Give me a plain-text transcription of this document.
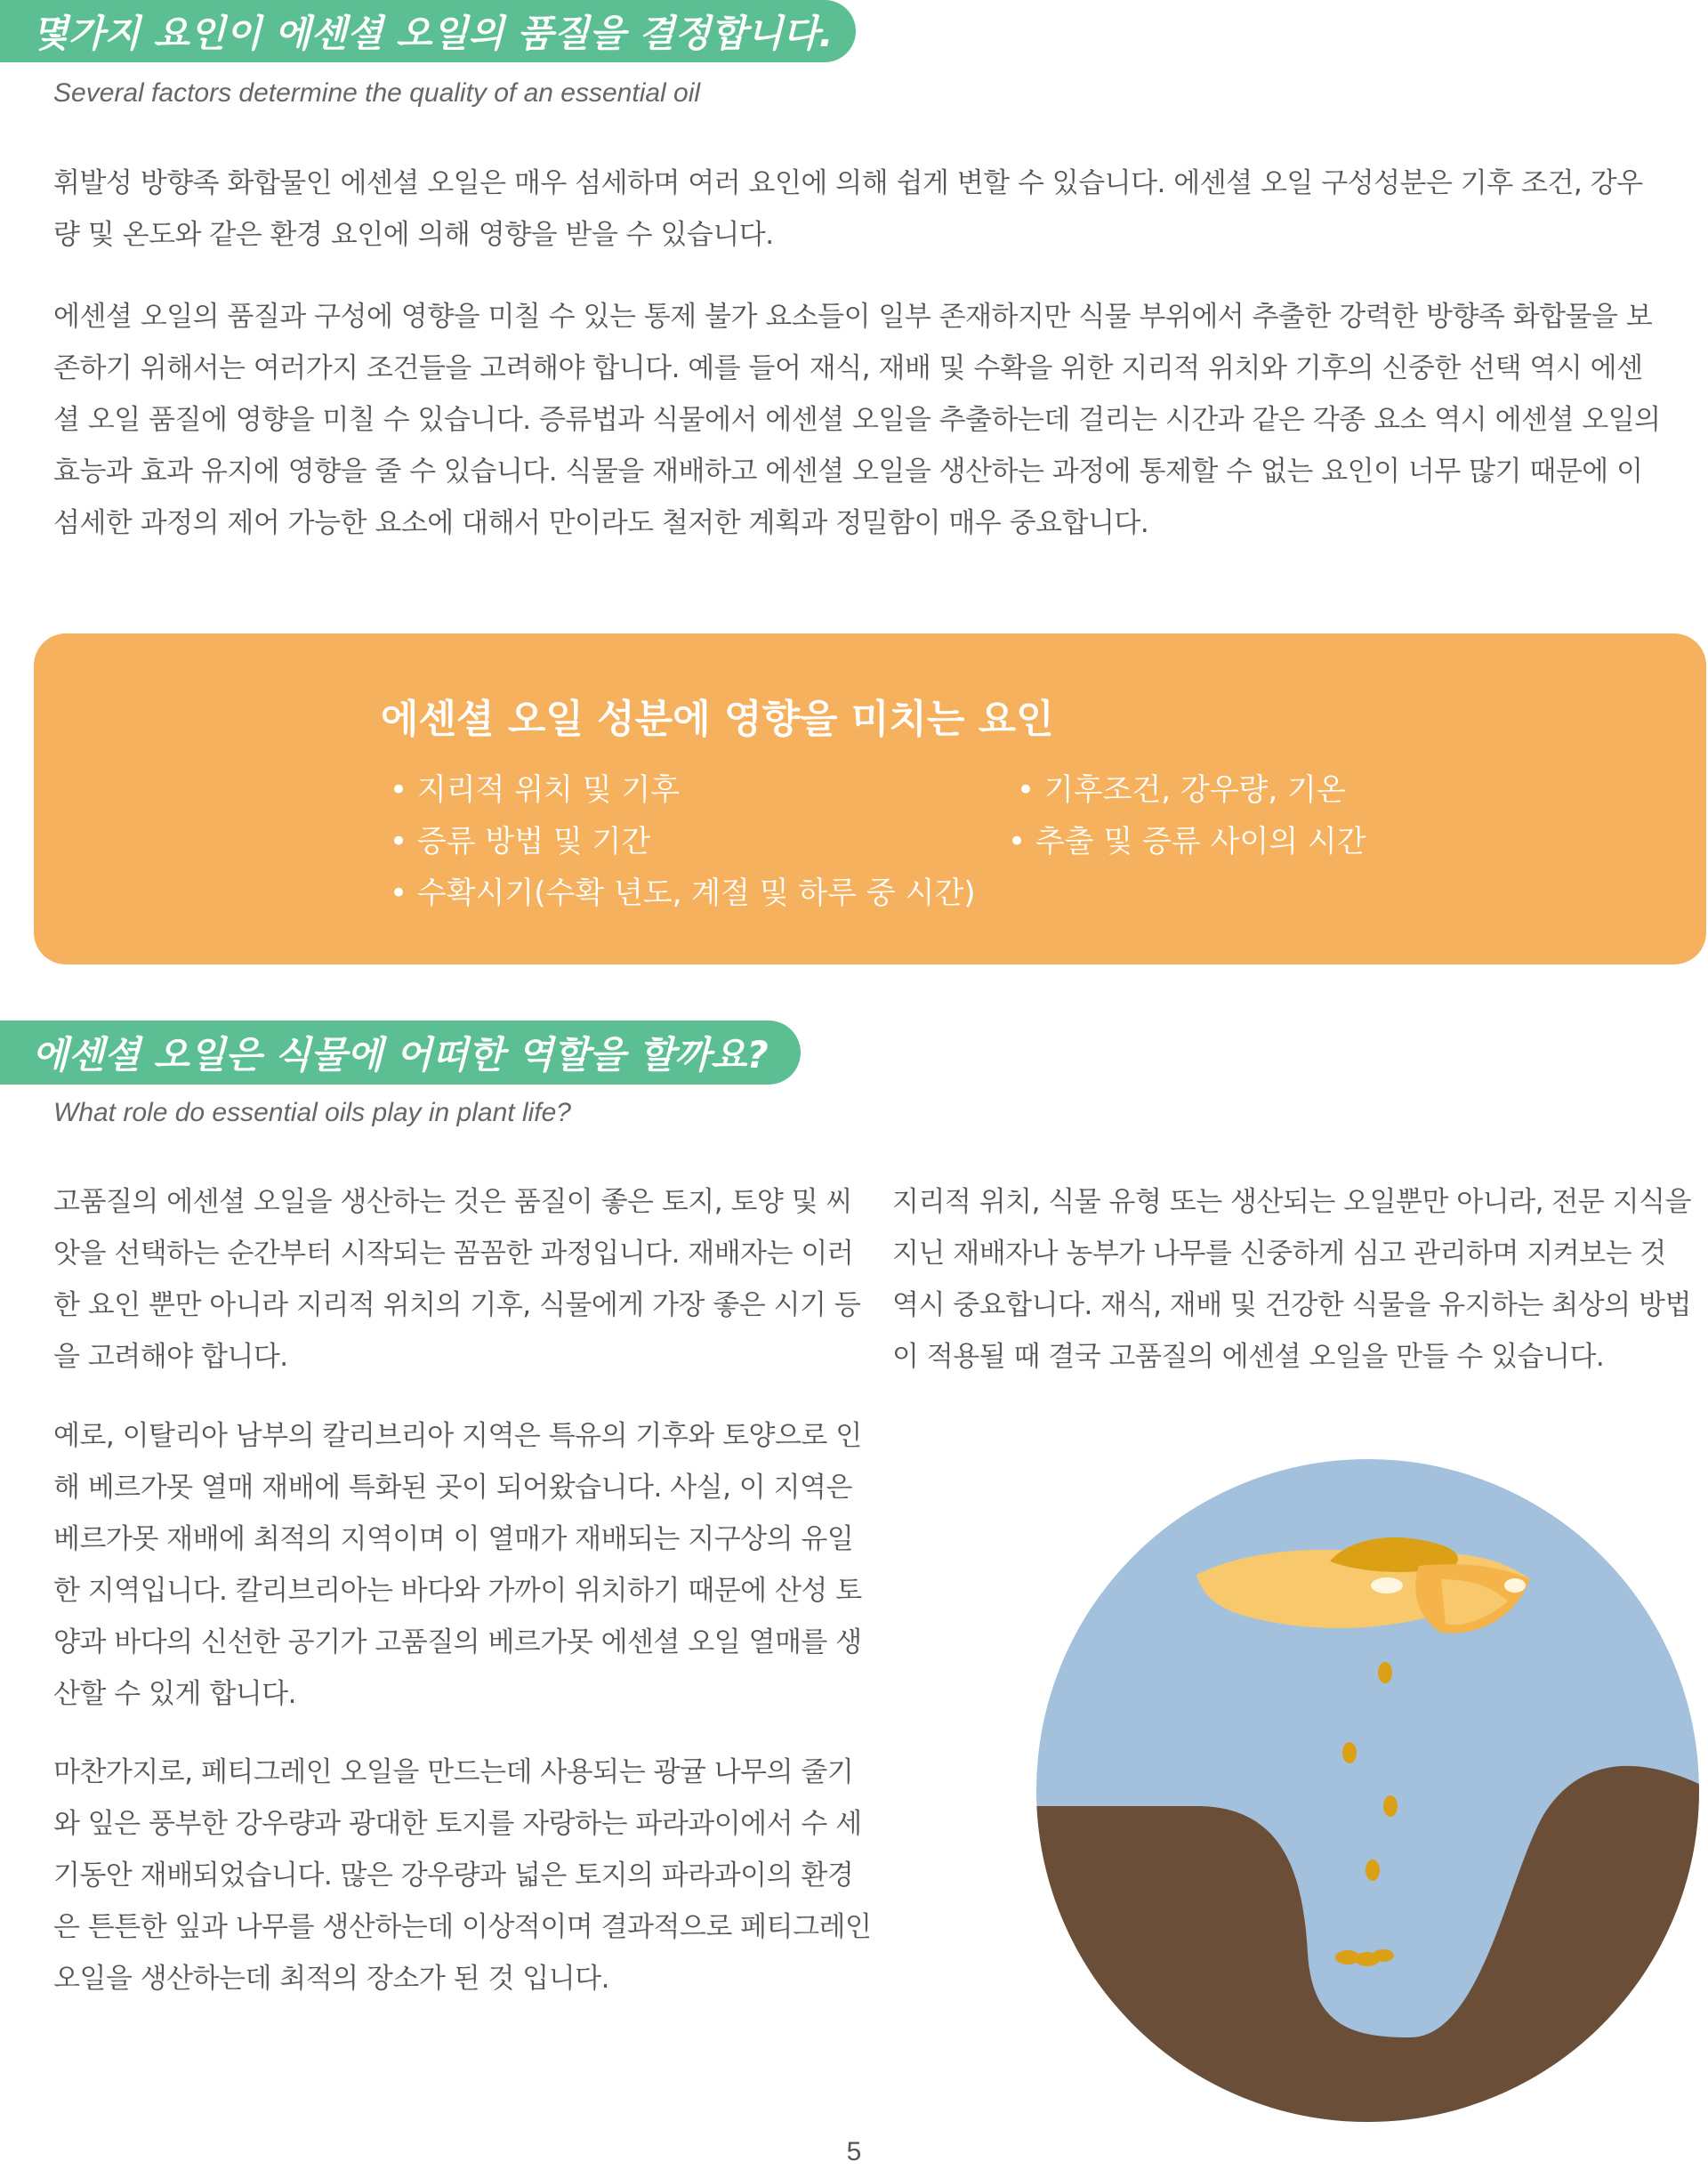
몇가지 요인이 에센셜 오일의 품질을 결정합니다.
Several factors determine the quality of an essential oil

휘발성 방향족 화합물인 에센셜 오일은 매우 섬세하며 여러 요인에 의해 쉽게 변할 수 있습니다. 에센셜 오일 구성성분은 기후 조건, 강우량 및 온도와 같은 환경 요인에 의해 영향을 받을 수 있습니다.

에센셜 오일의 품질과 구성에 영향을 미칠 수 있는 통제 불가 요소들이 일부 존재하지만 식물 부위에서 추출한 강력한 방향족 화합물을 보존하기 위해서는 여러가지 조건들을 고려해야 합니다. 예를 들어 재식, 재배 및 수확을 위한 지리적 위치와 기후의 신중한 선택 역시 에센셜 오일 품질에 영향을 미칠 수 있습니다. 증류법과 식물에서 에센셜 오일을 추출하는데 걸리는 시간과 같은 각종 요소 역시 에센셜 오일의 효능과 효과 유지에 영향을 줄 수 있습니다. 식물을 재배하고 에센셜 오일을 생산하는 과정에 통제할 수 없는 요인이 너무 많기 때문에 이 섬세한 과정의 제어 가능한 요소에 대해서 만이라도 철저한 계획과 정밀함이 매우 중요합니다.

에센셜 오일 성분에 영향을 미치는 요인
• 지리적 위치 및 기후
• 증류 방법 및 기간
• 수확시기(수확 년도, 계절 및 하루 중 시간)
• 기후조건, 강우량, 기온
• 추출 및 증류 사이의 시간
에센셜 오일은 식물에 어떠한 역할을 할까요?
What role do essential oils play in plant life?

고품질의 에센셜 오일을 생산하는 것은 품질이 좋은 토지, 토양 및 씨앗을 선택하는 순간부터 시작되는 꼼꼼한 과정입니다. 재배자는 이러한 요인 뿐만 아니라 지리적 위치의 기후, 식물에게 가장 좋은 시기 등을 고려해야 합니다.

예로, 이탈리아 남부의 칼리브리아 지역은 특유의 기후와 토양으로 인해 베르가못 열매 재배에 특화된 곳이 되어왔습니다. 사실, 이 지역은 베르가못 재배에 최적의 지역이며 이 열매가 재배되는 지구상의 유일한 지역입니다. 칼리브리아는 바다와 가까이 위치하기 때문에 산성 토양과 바다의 신선한 공기가 고품질의 베르가못 에센셜 오일 열매를 생산할 수 있게 합니다.

마찬가지로, 페티그레인 오일을 만드는데 사용되는 광귤 나무의 줄기와 잎은 풍부한 강우량과 광대한 토지를 자랑하는 파라과이에서 수 세기동안 재배되었습니다. 많은 강우량과 넓은 토지의 파라과이의 환경은 튼튼한 잎과 나무를 생산하는데 이상적이며 결과적으로 페티그레인 오일을 생산하는데 최적의 장소가 된 것 입니다.

지리적 위치, 식물 유형 또는 생산되는 오일뿐만 아니라, 전문 지식을 지닌 재배자나 농부가 나무를 신중하게 심고 관리하며 지켜보는 것 역시 중요합니다. 재식, 재배 및 건강한 식물을 유지하는 최상의 방법이 적용될 때 결국 고품질의 에센셜 오일을 만들 수 있습니다.

5
